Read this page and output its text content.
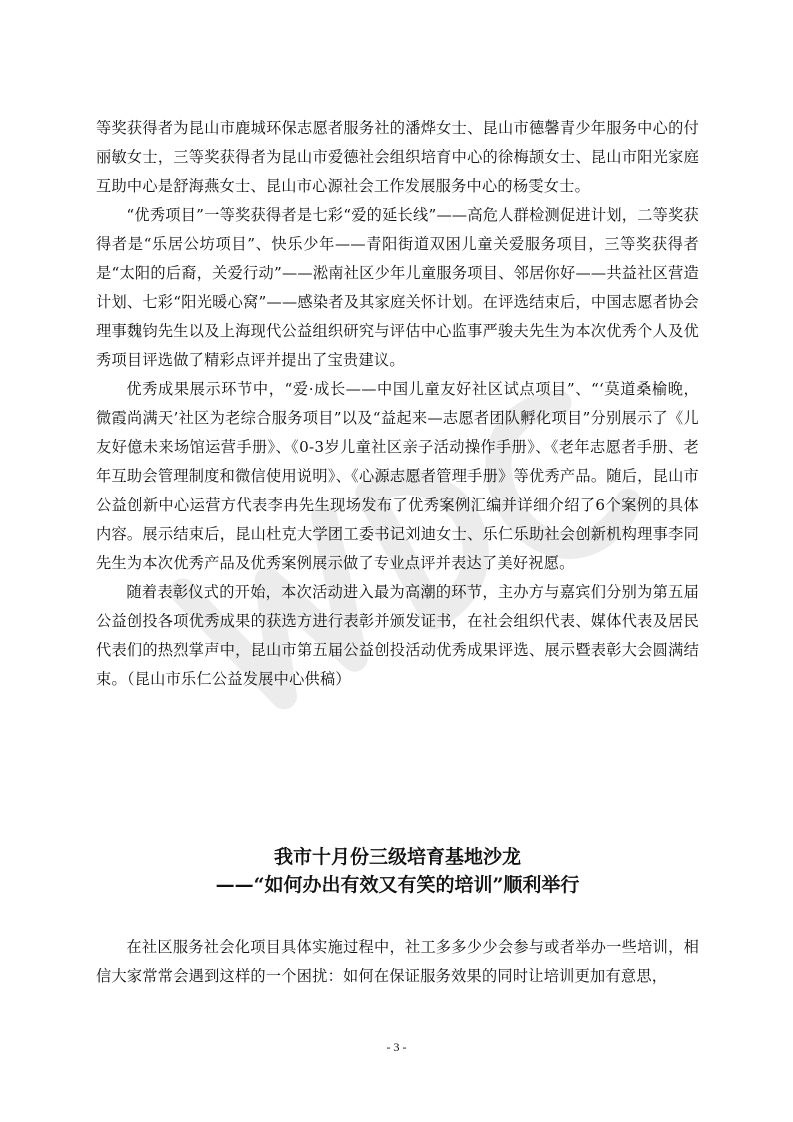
等奖获得者为昆山市鹿城环保志愿者服务社的潘烨女士、昆山市德馨青少年服务中心的付丽敏女士，三等奖获得者为昆山市爱德社会组织培育中心的徐梅颉女士、昆山市阳光家庭互助中心是舒海燕女士、昆山市心源社会工作发展服务中心的杨雯女士。

“优秀项目”一等奖获得者是七彩“爱的延长线”——高危人群检测促进计划，二等奖获得者是“乐居公坊项目”、快乐少年——青阳街道双困儿童关爱服务项目，三等奖获得者是“太阳的后裔，关爱行动”——淞南社区少年儿童服务项目、邻居你好——共益社区营造计划、七彩“阳光暖心窝”——感染者及其家庭关怀计划。在评选结束后，中国志愿者协会理事魏钧先生以及上海现代公益组织研究与评估中心监事严骏夫先生为本次优秀个人及优秀项目评选做了精彩点评并提出了宝贵建议。

优秀成果展示环节中，“爱·成长——中国儿童友好社区试点项目”、“‘莫道桑榆晚，微霞尚满天’社区为老综合服务项目”以及“益起来—志愿者团队孵化项目”分别展示了《儿友好億未来场馆运营手册》、《0-3岁儿童社区亲子活动操作手册》、《老年志愿者手册、老年互助会管理制度和微信使用说明》、《心源志愿者管理手册》等优秀产品。随后，昆山市公益创新中心运营方代表李冉先生现场发布了优秀案例汇编并详细介绍了6个案例的具体内容。展示结束后，昆山杜克大学团工委书记刘迪女士、乐仁乐助社会创新机构理事李同先生为本次优秀产品及优秀案例展示做了专业点评并表达了美好祝愿。

随着表彰仪式的开始，本次活动进入最为高潮的环节，主办方与嘉宾们分别为第五届公益创投各项优秀成果的获选方进行表彰并颁发证书，在社会组织代表、媒体代表及居民代表们的热烈掌声中，昆山市第五届公益创投活动优秀成果评选、展示暨表彰大会圆满结束。（昆山市乐仁公益发展中心供稿）

我市十月份三级培育基地沙龙

——“如何办出有效又有笑的培训”顺利举行

在社区服务社会化项目具体实施过程中，社工多多少少会参与或者举办一些培训，相信大家常常会遇到这样的一个困扰：如何在保证服务效果的同时让培训更加有意思，

- 3 -
